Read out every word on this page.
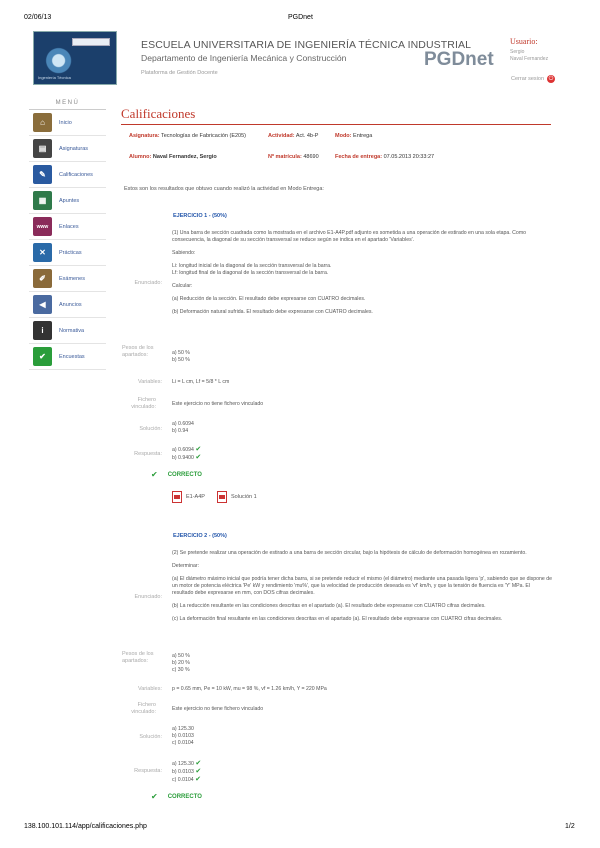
02/06/13	PGDnet
Ingeniería Técnica
ESCUELA UNIVERSITARIA DE INGENIERÍA TÉCNICA INDUSTRIAL
Departamento de Ingeniería Mecánica y Construcción
Plataforma de Gestión Docente
PGDnet
Usuario:
Sergio
Naval Fernandez
Cerrar sesion ⏻
MENÚ
⌂	Inicio
▤	Asignaturas
✎	Calificaciones
▦	Apuntes
www	Enlaces
✕	Prácticas
✐	Exámenes
◀	Anuncios
i	Normativa
✔	Encuestas
Calificaciones
Asignatura: Tecnologías de Fabricación (E205)	Actividad: Act. 4b-P	Modo: Entrega
Alumno: Naval Fernandez, Sergio	Nº matrícula: 48690	Fecha de entrega: 07.05.2013 20:33:27
Estos son los resultados que obtuvo cuando realizó la actividad en Modo Entrega:
EJERCICIO 1 - (50%)
Enunciado:
(1) Una barra de sección cuadrada como la mostrada en el archivo E1-A4P.pdf adjunto es sometida a una operación de estirado en una sola etapa. Como consecuencia, la diagonal de su sección transversal se reduce según se indica en el apartado 'Variables'.
Sabiendo:
Li: longitud inicial de la diagonal de la sección transversal de la barra.
Lf: longitud final de la diagonal de la sección transversal de la barra.
Calcular:
(a) Reducción de la sección. El resultado debe expresarse con CUATRO decimales.
(b) Deformación natural sufrida. El resultado debe expresarse con CUATRO decimales.
Pesos de los apartados:	a) 50 %
b) 50 %
Variables: Li = L cm, Lf = 5/8 * L cm
Fichero vinculado:	Este ejercicio no tiene fichero vinculado
Solución:
a) 0.6094
b) 0.94
Respuesta:
a) 0.6094 ✔
b) 0.9400 ✔
✔ CORRECTO
E1-A4P	Solución 1
EJERCICIO 2 - (50%)
Enunciado:
(2) Se pretende realizar una operación de estirado a una barra de sección circular, bajo la hipótesis de cálculo de deformación homogénea en rozamiento.
Determinar:
(a) El diámetro máximo inicial que podría tener dicha barra, si se pretende reducir el mismo (el diámetro) mediante una pasada ligera 'p', sabiendo que se dispone de un motor de potencia eléctrica 'Pe' kW y rendimiento 'mu%', que la velocidad de producción deseada es 'vf' km/h, y que la tensión de fluencia es 'Y' MPa. El resultado debe expresarse en mm, con DOS cifras decimales.
(b) La reducción resultante en las condiciones descritas en el apartado (a). El resultado debe expresarse con CUATRO cifras decimales.
(c) La deformación final resultante en las condiciones descritas en el apartado (a). El resultado debe expresarse con CUATRO cifras decimales.
Pesos de los apartados:
a) 50 %
b) 20 %
c) 30 %
Variables: p = 0.65 mm, Pe = 10 kW, mu = 98 %, vf = 1.26 km/h, Y = 220 MPa
Fichero vinculado:	Este ejercicio no tiene fichero vinculado
Solución:
a) 125.30
b) 0.0103
c) 0.0104
Respuesta:
a) 125.30 ✔
b) 0.0103 ✔
c) 0.0104 ✔
✔ CORRECTO
138.100.101.114/app/calificaciones.php	1/2
